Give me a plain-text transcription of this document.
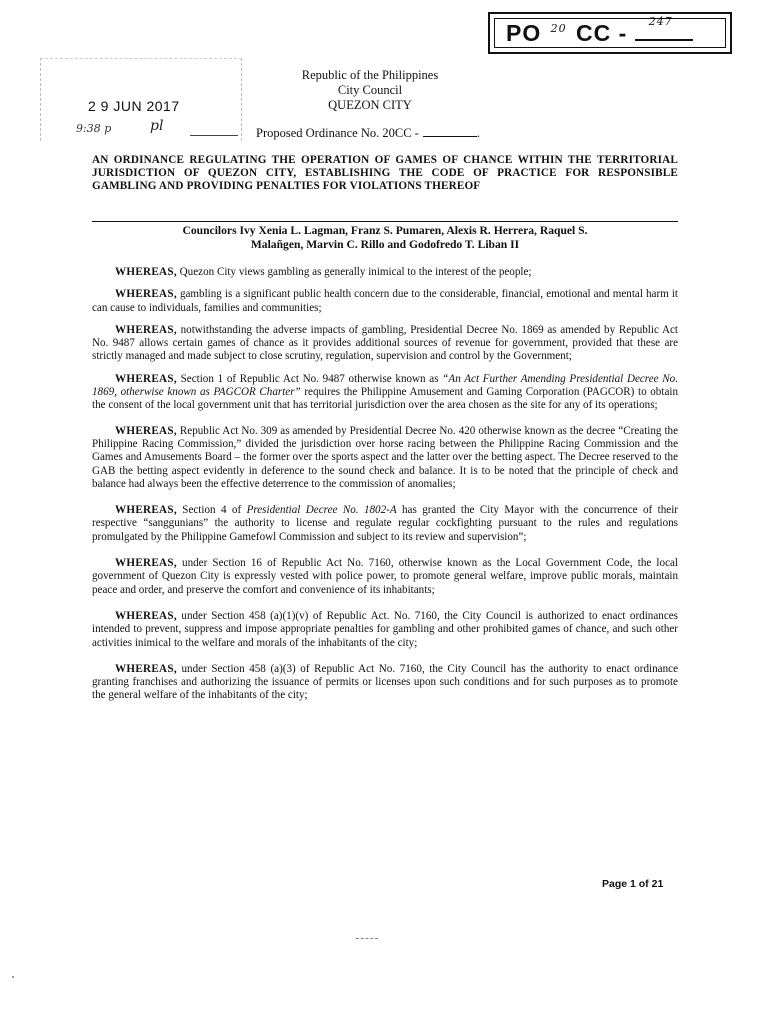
PO $^{20}$ CC - 247
2 9 JUN 2017
9:38 p	pl
Republic of the Philippines
City Council
QUEZON CITY
Proposed Ordinance No. 20CC -	.
AN ORDINANCE REGULATING THE OPERATION OF GAMES OF CHANCE WITHIN THE TERRITORIAL JURISDICTION OF QUEZON CITY, ESTABLISHING THE CODE OF PRACTICE FOR RESPONSIBLE GAMBLING AND PROVIDING PENALTIES FOR VIOLATIONS THEREOF
Councilors Ivy Xenia L. Lagman, Franz S. Pumaren, Alexis R. Herrera, Raquel S.
Malañgen, Marvin C. Rillo and Godofredo T. Liban II

WHEREAS, Quezon City views gambling as generally inimical to the interest of the people;

WHEREAS, gambling is a significant public health concern due to the considerable, financial, emotional and mental harm it can cause to individuals, families and communities;

WHEREAS, notwithstanding the adverse impacts of gambling, Presidential Decree No. 1869 as amended by Republic Act No. 9487 allows certain games of chance as it provides additional sources of revenue for government, provided that these are strictly managed and made subject to close scrutiny, regulation, supervision and control by the Government;

WHEREAS, Section 1 of Republic Act No. 9487 otherwise known as “An Act Further Amending Presidential Decree No. 1869, otherwise known as PAGCOR Charter” requires the Philippine Amusement and Gaming Corporation (PAGCOR) to obtain the consent of the local government unit that has territorial jurisdiction over the area chosen as the site for any of its operations;

WHEREAS, Republic Act No. 309 as amended by Presidential Decree No. 420 otherwise known as the decree “Creating the Philippine Racing Commission,” divided the jurisdiction over horse racing between the Philippine Racing Commission and the Games and Amusements Board – the former over the sports aspect and the latter over the betting aspect. The Decree reserved to the GAB the betting aspect evidently in deference to the sound check and balance. It is to be noted that the principle of check and balance had always been the effective deterrence to the commission of anomalies;

WHEREAS, Section 4 of Presidential Decree No. 1802-A has granted the City Mayor with the concurrence of their respective “sanggunians” the authority to license and regulate regular cockfighting pursuant to the rules and regulations promulgated by the Philippine Gamefowl Commission and subject to its review and supervision”;

WHEREAS, under Section 16 of Republic Act No. 7160, otherwise known as the Local Government Code, the local government of Quezon City is expressly vested with police power, to promote general welfare, improve public morals, maintain peace and order, and preserve the comfort and convenience of its inhabitants;

WHEREAS, under Section 458 (a)(1)(v) of Republic Act. No. 7160, the City Council is authorized to enact ordinances intended to prevent, suppress and impose appropriate penalties for gambling and other prohibited games of chance, and such other activities inimical to the welfare and morals of the inhabitants of the city;

WHEREAS, under Section 458 (a)(3) of Republic Act No. 7160, the City Council has the authority to enact ordinance granting franchises and authorizing the issuance of permits or licenses upon such conditions and for such purposes as to promote the general welfare of the inhabitants of the city;

Page 1 of 21
